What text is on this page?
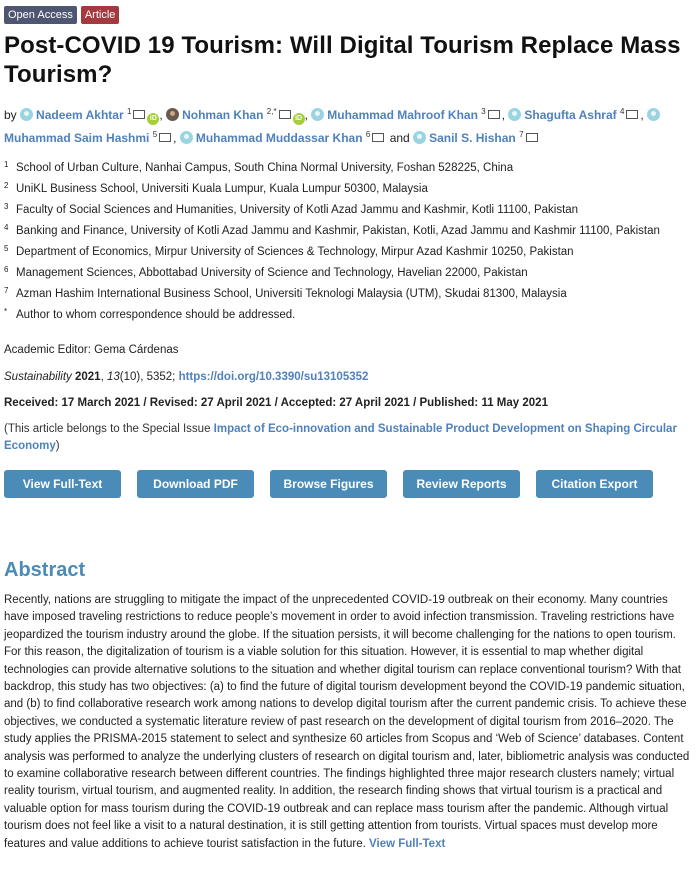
Open Access	Article
Post-COVID 19 Tourism: Will Digital Tourism Replace Mass Tourism?
by Nadeem Akhtar $^1$iD , Nohman Khan $^{2,*}$iD , Muhammad Mahroof Khan $^3$ , Shagufta Ashraf $^4$ , Muhammad Saim Hashmi $^5$ , Muhammad Muddassar Khan $^6$ and Sanil S. Hishan $^7$
1 School of Urban Culture, Nanhai Campus, South China Normal University, Foshan 528225, China
2 UniKL Business School, Universiti Kuala Lumpur, Kuala Lumpur 50300, Malaysia
3 Faculty of Social Sciences and Humanities, University of Kotli Azad Jammu and Kashmir, Kotli 11100, Pakistan
4 Banking and Finance, University of Kotli Azad Jammu and Kashmir, Pakistan, Kotli, Azad Jammu and Kashmir 11100, Pakistan
5 Department of Economics, Mirpur University of Sciences & Technology, Mirpur Azad Kashmir 10250, Pakistan
6 Management Sciences, Abbottabad University of Science and Technology, Havelian 22000, Pakistan
7 Azman Hashim International Business School, Universiti Teknologi Malaysia (UTM), Skudai 81300, Malaysia
* Author to whom correspondence should be addressed.
Academic Editor: Gema Cárdenas
Sustainability 2021, 13(10), 5352; https://doi.org/10.3390/su13105352
Received: 17 March 2021 / Revised: 27 April 2021 / Accepted: 27 April 2021 / Published: 11 May 2021
(This article belongs to the Special Issue Impact of Eco-innovation and Sustainable Product Development on Shaping Circular Economy)
View Full-Text	Download PDF	Browse Figures	Review Reports	Citation Export
Abstract
Recently, nations are struggling to mitigate the impact of the unprecedented COVID-19 outbreak on their economy. Many countries have imposed traveling restrictions to reduce people’s movement in order to avoid infection transmission. Traveling restrictions have jeopardized the tourism industry around the globe. If the situation persists, it will become challenging for the nations to open tourism. For this reason, the digitalization of tourism is a viable solution for this situation. However, it is essential to map whether digital technologies can provide alternative solutions to the situation and whether digital tourism can replace conventional tourism? With that backdrop, this study has two objectives: (a) to find the future of digital tourism development beyond the COVID-19 pandemic situation, and (b) to find collaborative research work among nations to develop digital tourism after the current pandemic crisis. To achieve these objectives, we conducted a systematic literature review of past research on the development of digital tourism from 2016–2020. The study applies the PRISMA-2015 statement to select and synthesize 60 articles from Scopus and ‘Web of Science’ databases. Content analysis was performed to analyze the underlying clusters of research on digital tourism and, later, bibliometric analysis was conducted to examine collaborative research between different countries. The findings highlighted three major research clusters namely; virtual reality tourism, virtual tourism, and augmented reality. In addition, the research finding shows that virtual tourism is a practical and valuable option for mass tourism during the COVID-19 outbreak and can replace mass tourism after the pandemic. Although virtual tourism does not feel like a visit to a natural destination, it is still getting attention from tourists. Virtual spaces must develop more features and value additions to achieve tourist satisfaction in the future. View Full-Text
